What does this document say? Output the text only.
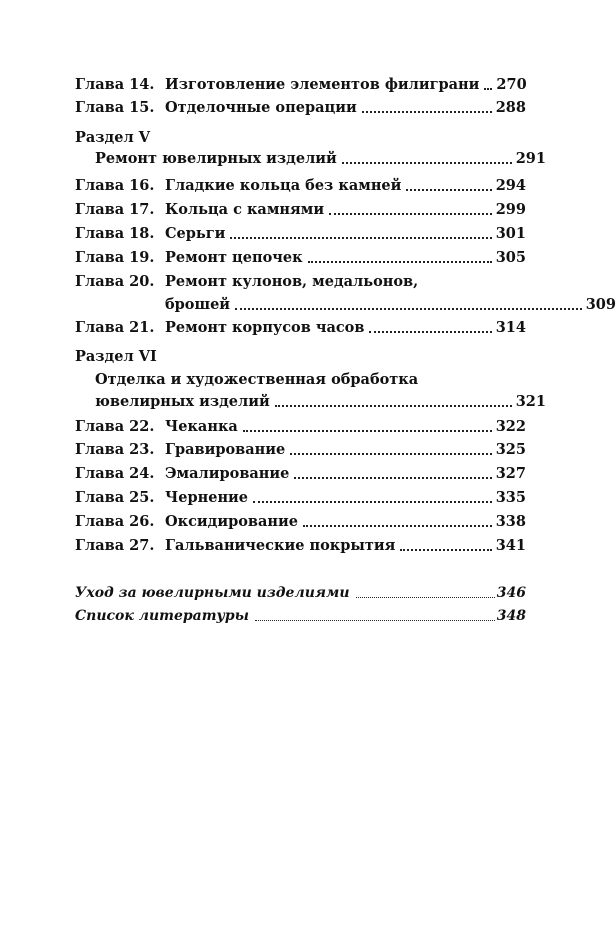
Глава 14. Изготовление элементов филиграни 270
Глава 15. Отделочные операции	288
Раздел V
Ремонт ювелирных изделий	291
Глава 16. Гладкие кольца без камней	294
Глава 17. Кольца с камнями	299
Глава 18. Серьги	301
Глава 19. Ремонт цепочек	305
Глава 20. Ремонт кулонов, медальонов,
брошей	309
Глава 21. Ремонт корпусов часов	314
Раздел VI
Отделка и художественная обработка
ювелирных изделий	321
Глава 22. Чеканка	322
Глава 23. Гравирование	325
Глава 24. Эмалирование	327
Глава 25. Чернение	335
Глава 26. Оксидирование	338
Глава 27. Гальванические покрытия	341
Уход за ювелирными изделиями	346
Список литературы	348
